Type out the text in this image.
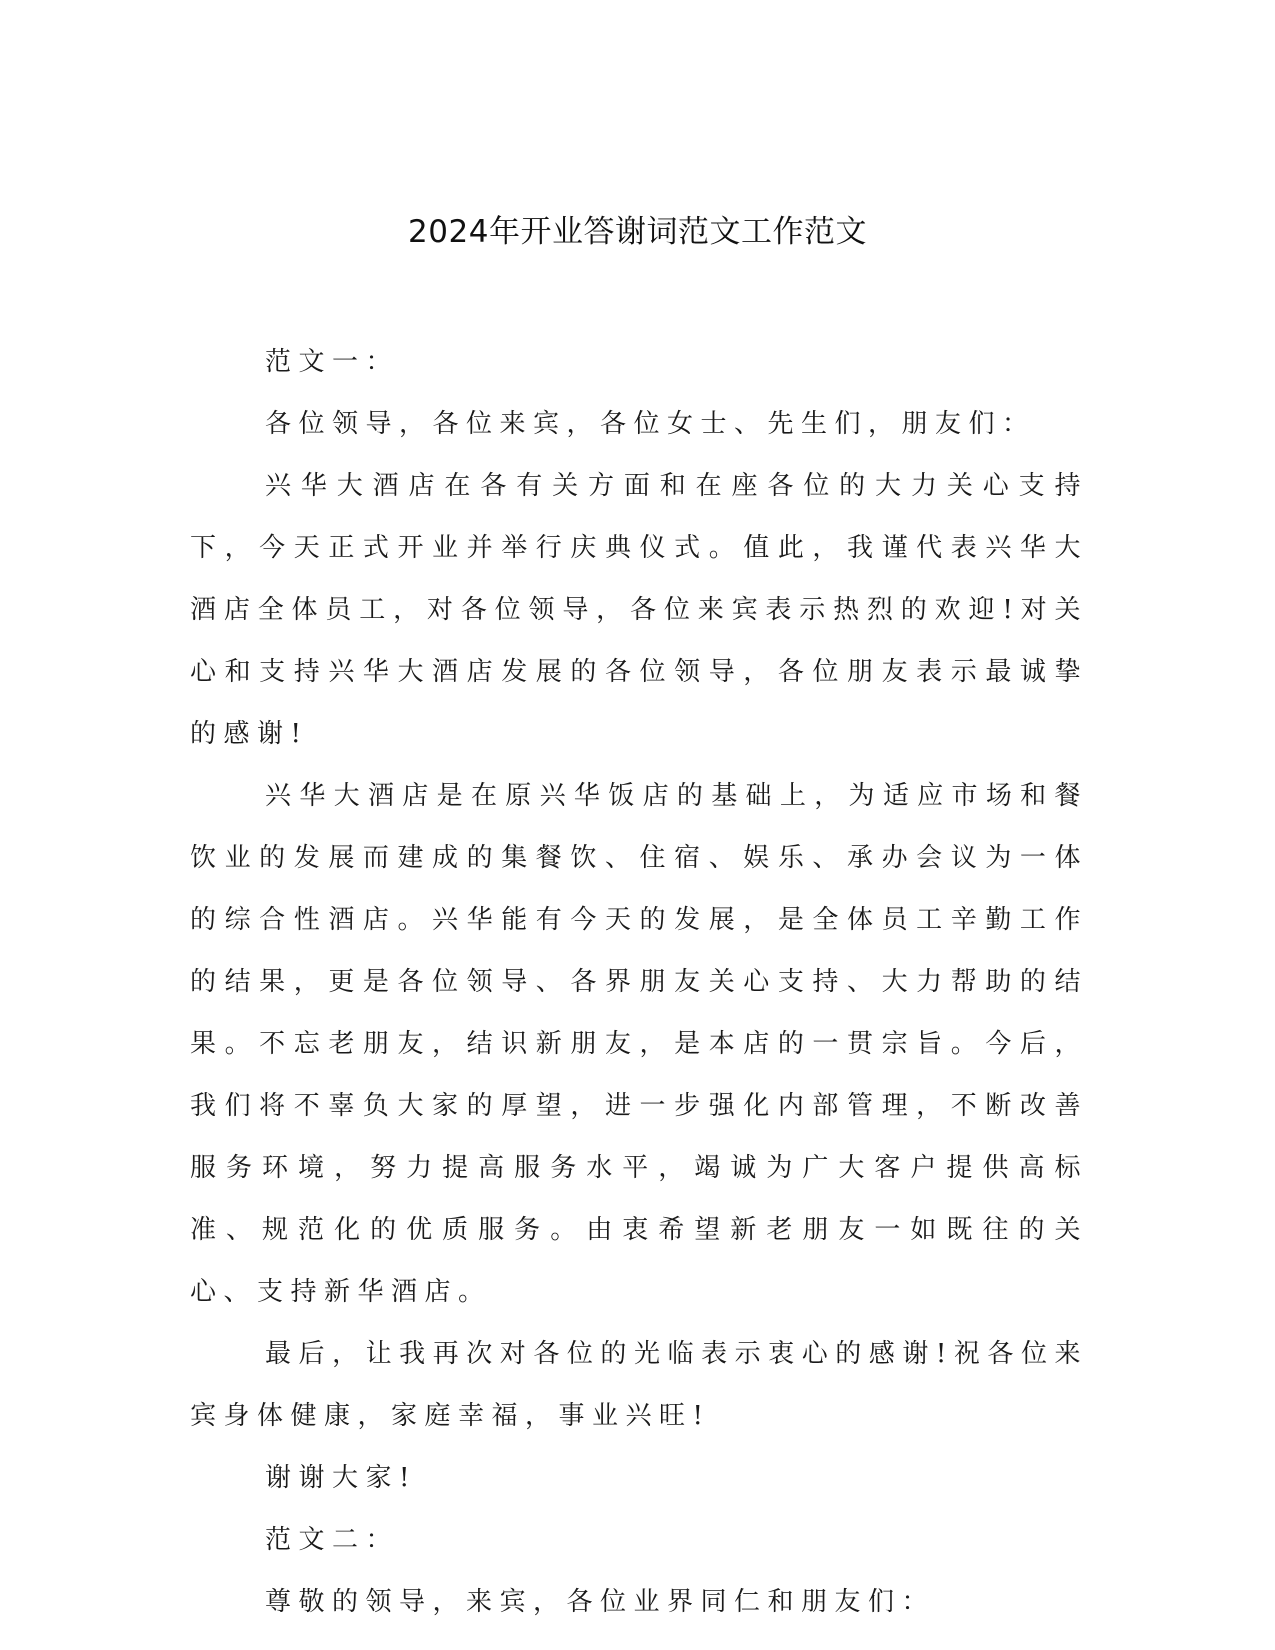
2024年开业答谢词范文工作范文

范文一：

各位领导，各位来宾，各位女士、先生们，朋友们：

兴华大酒店在各有关方面和在座各位的大力关心支持下，今天正式开业并举行庆典仪式。值此，我谨代表兴华大酒店全体员工，对各位领导，各位来宾表示热烈的欢迎!对关心和支持兴华大酒店发展的各位领导，各位朋友表示最诚挚的感谢!

兴华大酒店是在原兴华饭店的基础上，为适应市场和餐饮业的发展而建成的集餐饮、住宿、娱乐、承办会议为一体的综合性酒店。兴华能有今天的发展，是全体员工辛勤工作的结果，更是各位领导、各界朋友关心支持、大力帮助的结果。不忘老朋友，结识新朋友，是本店的一贯宗旨。今后，我们将不辜负大家的厚望，进一步强化内部管理，不断改善服务环境，努力提高服务水平，竭诚为广大客户提供高标准、规范化的优质服务。由衷希望新老朋友一如既往的关心、支持新华酒店。

最后，让我再次对各位的光临表示衷心的感谢!祝各位来宾身体健康，家庭幸福，事业兴旺!

谢谢大家!

范文二：

尊敬的领导，来宾，各位业界同仁和朋友们：
